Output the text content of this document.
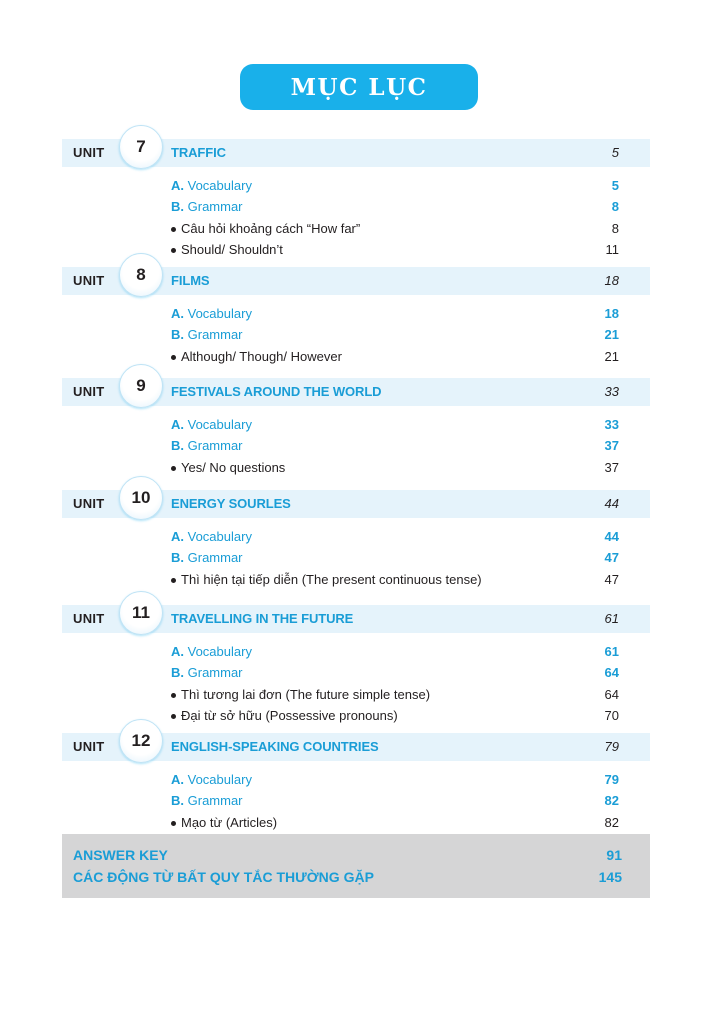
MỤC LỤC
UNIT	7	TRAFFIC	5
A. Vocabulary	5
B. Grammar	8
Câu hỏi khoảng cách “How far”	8
Should/ Shouldn’t	11
UNIT	8	FILMS	18
A. Vocabulary	18
B. Grammar	21
Although/ Though/ However	21
UNIT	9	FESTIVALS AROUND THE WORLD	33
A. Vocabulary	33
B. Grammar	37
Yes/ No questions	37
UNIT	10	ENERGY SOURLES	44
A. Vocabulary	44
B. Grammar	47
Thì hiện tại tiếp diễn (The present continuous tense)	47
UNIT	11	TRAVELLING IN THE FUTURE	61
A. Vocabulary	61
B. Grammar	64
Thì tương lai đơn (The future simple tense)	64
Đại từ sở hữu (Possessive pronouns)	70
UNIT	12	ENGLISH-SPEAKING COUNTRIES	79
A. Vocabulary	79
B. Grammar	82
Mạo từ (Articles)	82
ANSWER KEY	91
CÁC ĐỘNG TỪ BẤT QUY TẮC THƯỜNG GẶP	145
